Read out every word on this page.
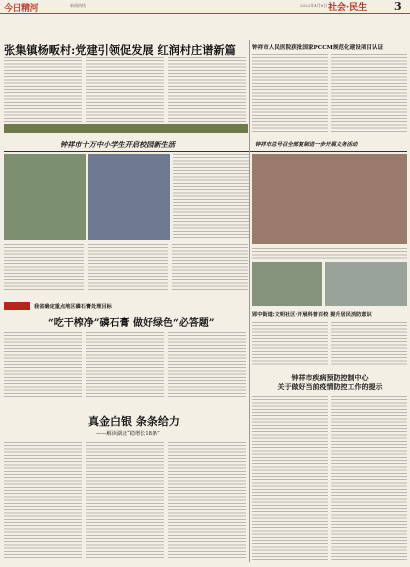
今日精河	新闻热线	2022年4月8日 社会·民生 3
张集镇杨畈村:党建引领促发展 红润村庄谱新篇	钟祥市人民医院获批国家PCCM规范化建设项目认证
钟祥市十万中小学生开启校园新生活	钟祥市总号召全部复制进一步开展义务活动
我省确定重点地区磷石膏处理目标
“吃干榨净”磷石膏 做好绿色“必答题”
郢中街道:文明社区·开展科普百校 提升居民消防意识
钟祥市疾病预防控制中心
关于做好当前疫情防控工作的提示
真金白银 条条给力
——解读湖北“稳增长18条”
